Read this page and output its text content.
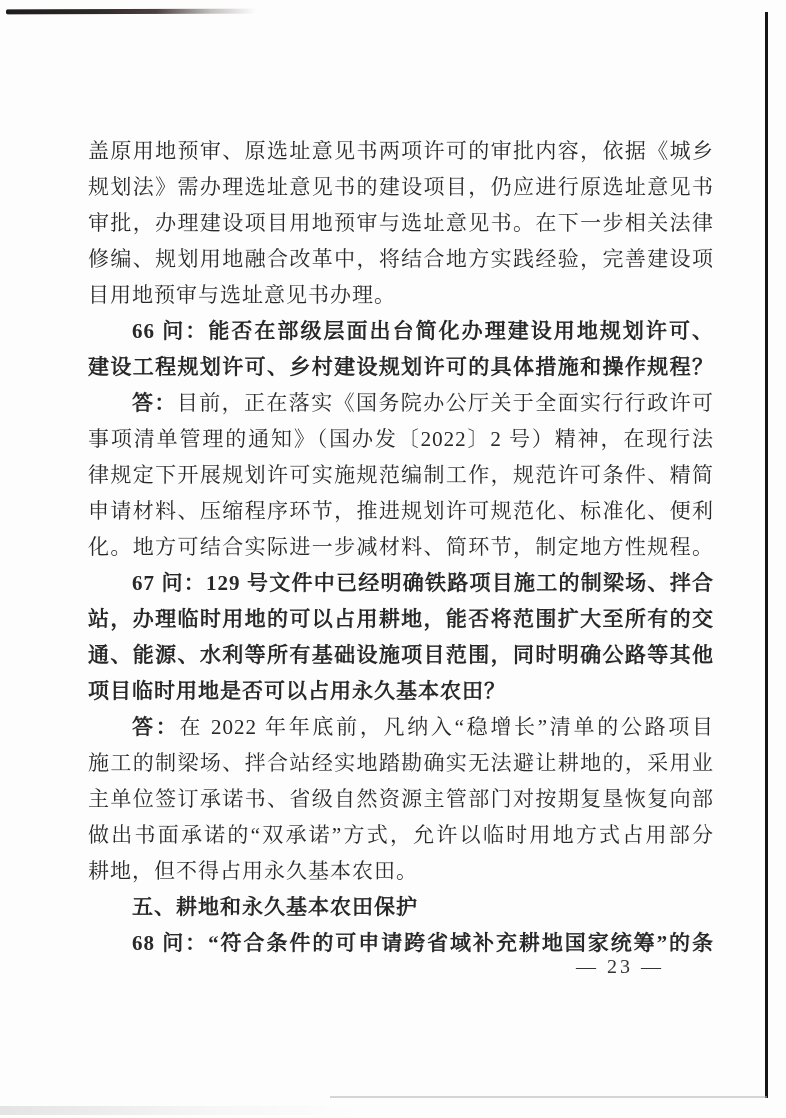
盖原用地预审、原选址意见书两项许可的审批内容，依据《城乡
规划法》需办理选址意见书的建设项目，仍应进行原选址意见书
审批，办理建设项目用地预审与选址意见书。在下一步相关法律
修编、规划用地融合改革中，将结合地方实践经验，完善建设项
目用地预审与选址意见书办理。
66 问：能否在部级层面出台简化办理建设用地规划许可、
建设工程规划许可、乡村建设规划许可的具体措施和操作规程？
答：目前，正在落实《国务院办公厅关于全面实行行政许可
事项清单管理的通知》（国办发〔2022〕2 号）精神，在现行法
律规定下开展规划许可实施规范编制工作，规范许可条件、精简
申请材料、压缩程序环节，推进规划许可规范化、标准化、便利
化。地方可结合实际进一步减材料、简环节，制定地方性规程。
67 问：129 号文件中已经明确铁路项目施工的制梁场、拌合
站，办理临时用地的可以占用耕地，能否将范围扩大至所有的交
通、能源、水利等所有基础设施项目范围，同时明确公路等其他
项目临时用地是否可以占用永久基本农田？
答：在 2022 年年底前，凡纳入“稳增长”清单的公路项目
施工的制梁场、拌合站经实地踏勘确实无法避让耕地的，采用业
主单位签订承诺书、省级自然资源主管部门对按期复垦恢复向部
做出书面承诺的“双承诺”方式，允许以临时用地方式占用部分
耕地，但不得占用永久基本农田。
五、耕地和永久基本农田保护
68 问：“符合条件的可申请跨省域补充耕地国家统筹”的条
— 23 —
